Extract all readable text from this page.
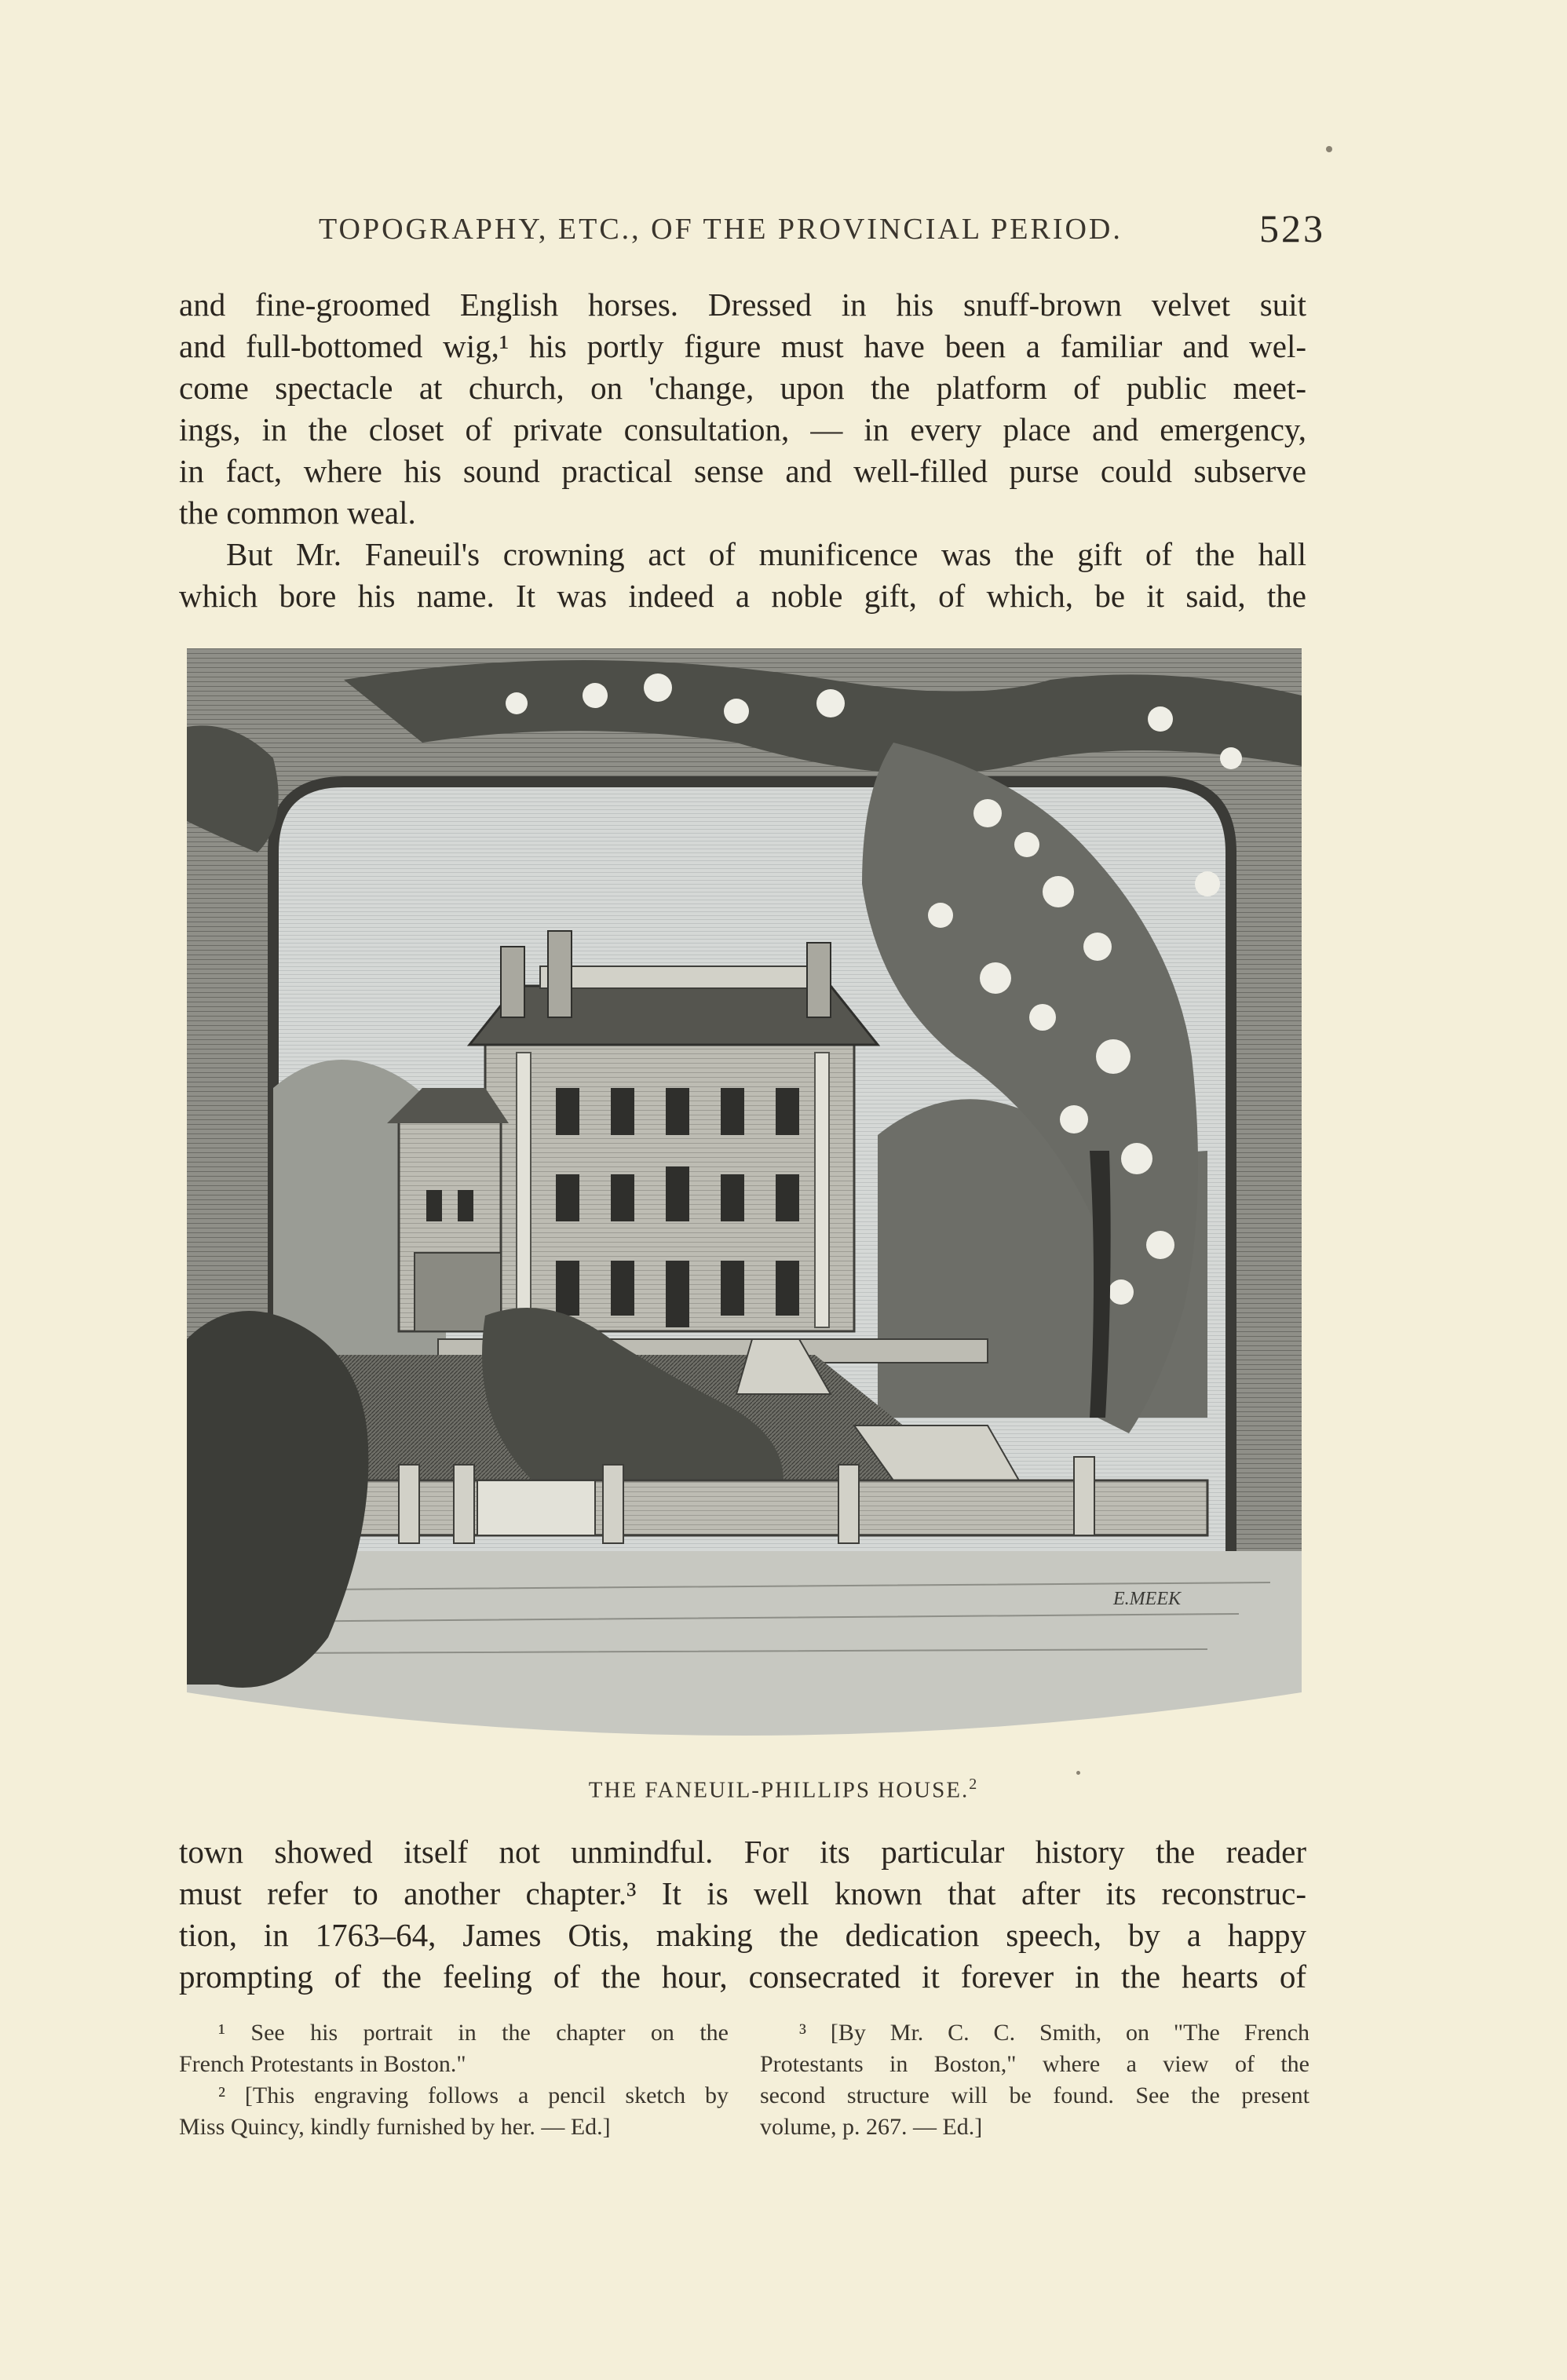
TOPOGRAPHY, ETC., OF THE PROVINCIAL PERIOD.	523
and fine-groomed English horses. Dressed in his snuff-brown velvet suit
and full-bottomed wig,¹ his portly figure must have been a familiar and wel-
come spectacle at church, on 'change, upon the platform of public meet-
ings, in the closet of private consultation, — in every place and emergency,
in fact, where his sound practical sense and well-filled purse could subserve
the common weal.
But Mr. Faneuil's crowning act of munificence was the gift of the hall
which bore his name. It was indeed a noble gift, of which, be it said, the
E.MEEK
THE FANEUIL-PHILLIPS HOUSE.$^2$
town showed itself not unmindful. For its particular history the reader
must refer to another chapter.³ It is well known that after its reconstruc-
tion, in 1763–64, James Otis, making the dedication speech, by a happy
prompting of the feeling of the hour, consecrated it forever in the hearts of
¹ See his portrait in the chapter on the
French Protestants in Boston."
² [This engraving follows a pencil sketch by
Miss Quincy, kindly furnished by her. — Ed.]
³ [By Mr. C. C. Smith, on "The French
Protestants in Boston," where a view of the
second structure will be found. See the present
volume, p. 267. — Ed.]
